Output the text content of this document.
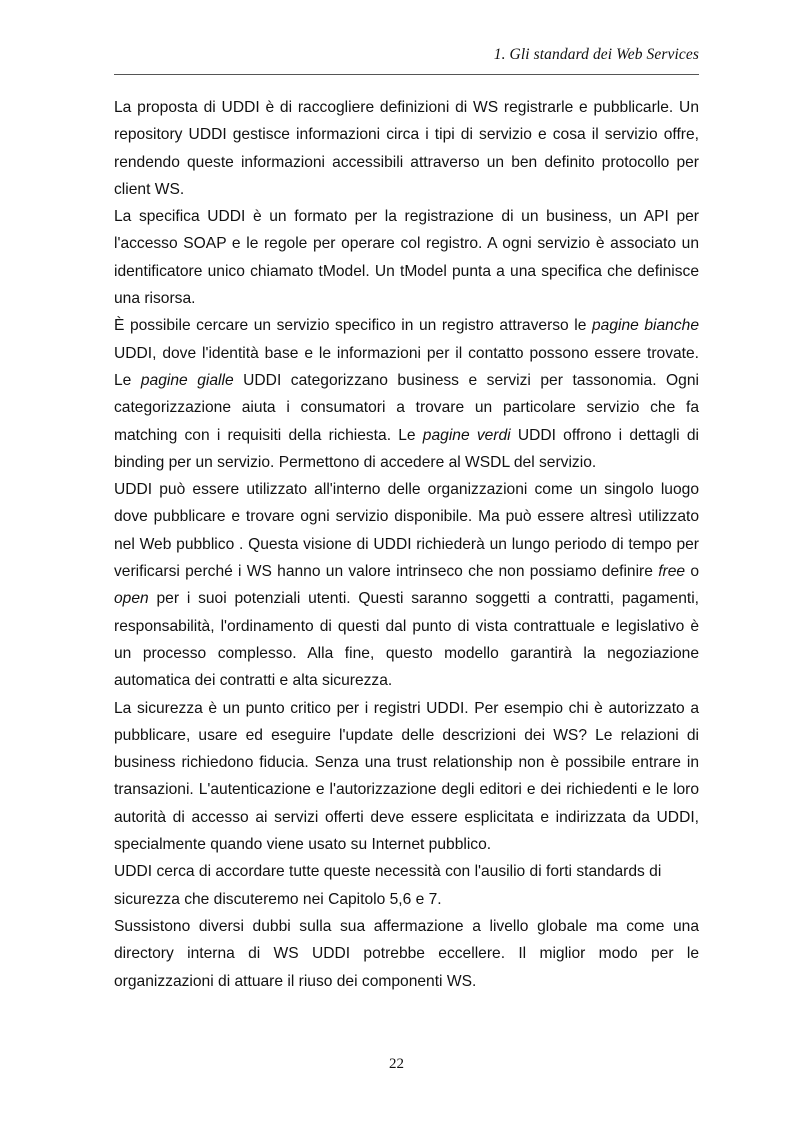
1. Gli standard dei Web Services

La proposta di UDDI è di raccogliere definizioni di WS registrarle e pubblicarle. Un repository UDDI gestisce informazioni circa i tipi di servizio e cosa il servizio offre, rendendo queste informazioni accessibili attraverso un ben definito protocollo per client WS.

La specifica UDDI è un formato per la registrazione di un business, un API per l'accesso SOAP e le regole per operare col registro. A ogni servizio è associato un identificatore unico chiamato tModel. Un tModel punta a una specifica che definisce una risorsa.

È possibile cercare un servizio specifico in un registro attraverso le pagine bianche UDDI, dove l'identità base e le informazioni per il contatto possono essere trovate. Le pagine gialle UDDI categorizzano business e servizi per tassonomia. Ogni categorizzazione aiuta i consumatori a trovare un particolare servizio che fa matching con i requisiti della richiesta. Le pagine verdi UDDI offrono i dettagli di binding per un servizio. Permettono di accedere al WSDL del servizio.

UDDI può essere utilizzato all'interno delle organizzazioni come un singolo luogo dove pubblicare e trovare ogni servizio disponibile. Ma può essere altresì utilizzato nel Web pubblico . Questa visione di UDDI richiederà un lungo periodo di tempo per verificarsi perché i WS hanno un valore intrinseco che non possiamo definire free o open per i suoi potenziali utenti. Questi saranno soggetti a contratti, pagamenti, responsabilità, l'ordinamento di questi dal punto di vista contrattuale e legislativo è un processo complesso. Alla fine, questo modello garantirà la negoziazione automatica dei contratti e alta sicurezza.

La sicurezza è un punto critico per i registri UDDI. Per esempio chi è autorizzato a pubblicare, usare ed eseguire l'update delle descrizioni dei WS? Le relazioni di business richiedono fiducia. Senza una trust relationship non è possibile entrare in transazioni. L'autenticazione e l'autorizzazione degli editori e dei richiedenti e le loro autorità di accesso ai servizi offerti deve essere esplicitata e indirizzata da UDDI, specialmente quando viene usato su Internet pubblico.

UDDI cerca di accordare tutte queste necessità con l'ausilio di forti standards di sicurezza che discuteremo nei Capitolo 5,6 e 7.

Sussistono diversi dubbi sulla sua affermazione a livello globale ma come una directory interna di WS UDDI potrebbe eccellere. Il miglior modo per le organizzazioni di attuare il riuso dei componenti WS.

22
